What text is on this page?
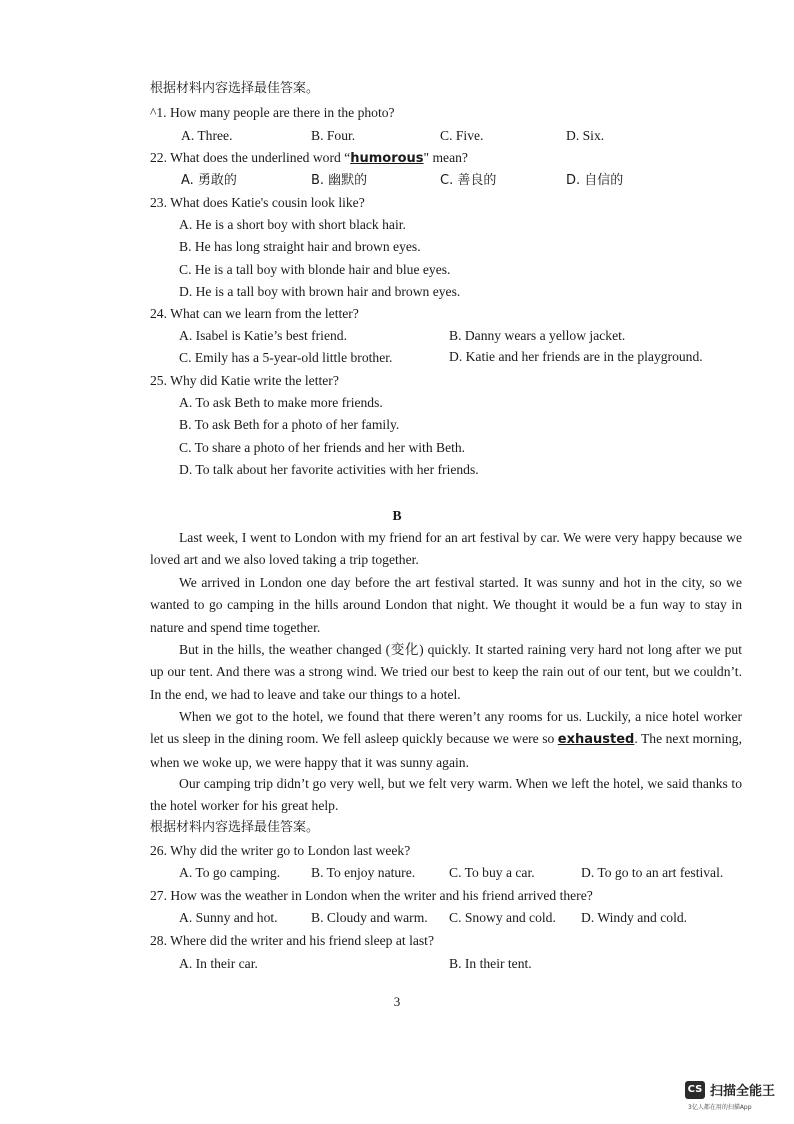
根据材料内容选择最佳答案。
^1. How many people are there in the photo?
A. Three.	B. Four.	C. Five.	D. Six.
22. What does the underlined word “humorous" mean?
A. 勇敢的	B. 幽默的	C. 善良的	D. 自信的
23. What does Katie's cousin look like?
A. He is a short boy with short black hair.
B. He has long straight hair and brown eyes.
C. He is a tall boy with blonde hair and blue eyes.
D. He is a tall boy with brown hair and brown eyes.
24. What can we learn from the letter?
A. Isabel is Katie’s best friend.	B. Danny wears a yellow jacket.
C. Emily has a 5-year-old little brother.	D. Katie and her friends are in the playground.
25. Why did Katie write the letter?
A. To ask Beth to make more friends.
B. To ask Beth for a photo of her family.
C. To share a photo of her friends and her with Beth.
D. To talk about her favorite activities with her friends.
B
Last week, I went to London with my friend for an art festival by car. We were very happy because we loved art and we also loved taking a trip together.
We arrived in London one day before the art festival started. It was sunny and hot in the city, so we wanted to go camping in the hills around London that night. We thought it would be a fun way to stay in nature and spend time together.
But in the hills, the weather changed (变化) quickly. It started raining very hard not long after we put up our tent. And there was a strong wind. We tried our best to keep the rain out of our tent, but we couldn’t. In the end, we had to leave and take our things to a hotel.
When we got to the hotel, we found that there weren’t any rooms for us. Luckily, a nice hotel worker let us sleep in the dining room. We fell asleep quickly because we were so exhausted. The next morning, when we woke up, we were happy that it was sunny again.
Our camping trip didn’t go very well, but we felt very warm. When we left the hotel, we said thanks to the hotel worker for his great help.
根据材料内容选择最佳答案。
26. Why did the writer go to London last week?
A. To go camping. B. To enjoy nature. C. To buy a car.	D. To go to an art festival.
27. How was the weather in London when the writer and his friend arrived there?
A. Sunny and hot. B. Cloudy and warm. C. Snowy and cold. D. Windy and cold.
28. Where did the writer and his friend sleep at last?
A. In their car.	B. In their tent.
3
CS 扫描全能王
3亿人都在用的扫描App
